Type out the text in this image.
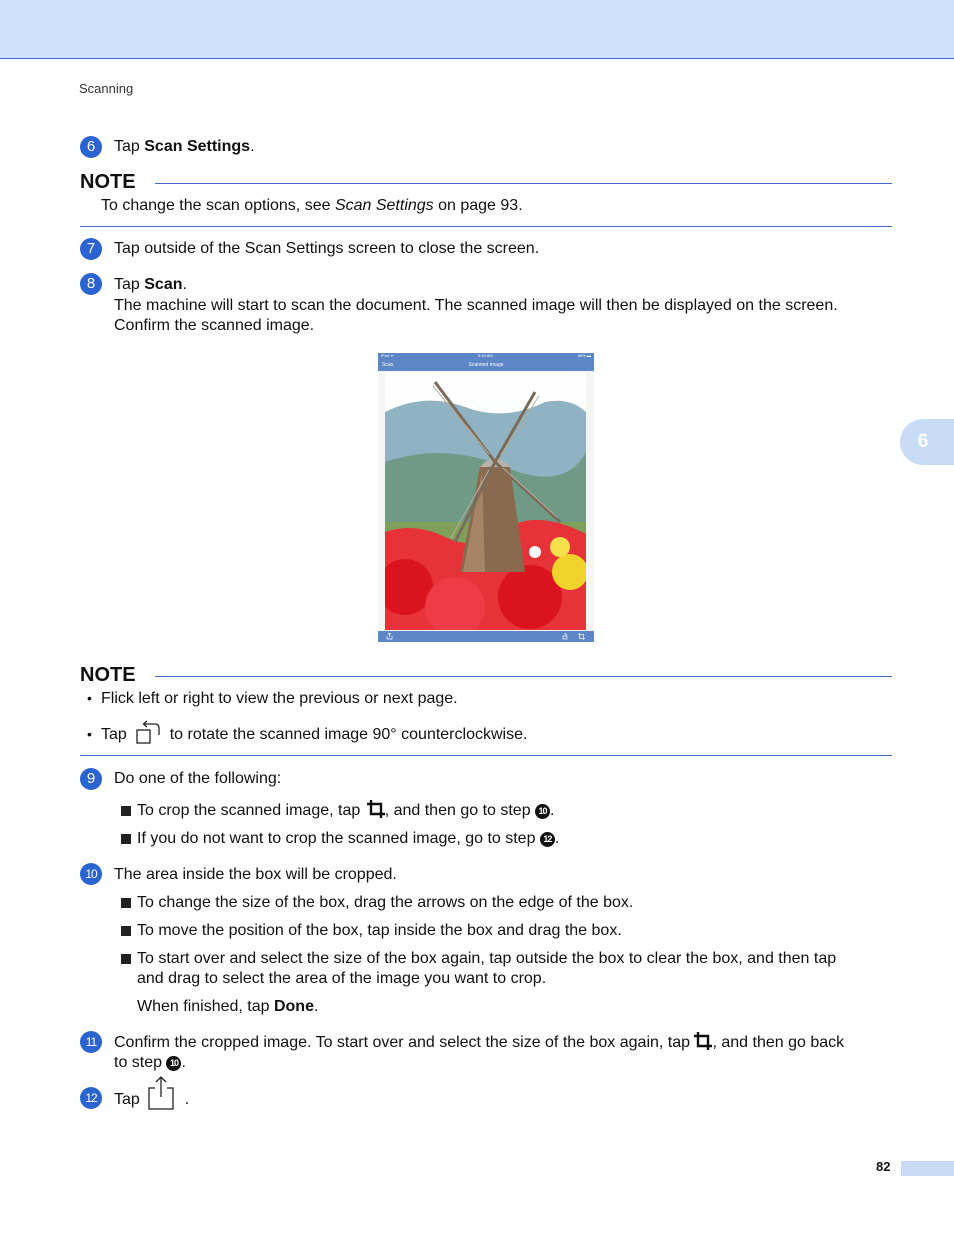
Scanning
6
6	Tap Scan Settings.
NOTE
To change the scan options, see Scan Settings on page 93.
7	Tap outside of the Scan Settings screen to close the screen.
8	Tap Scan.
The machine will start to scan the document. The scanned image will then be displayed on the screen.
Confirm the scanned image.
iPad ᯤ	9:15 AM	96% ▬
Scan	Scanned Image
NOTE
• Flick left or right to view the previous or next page.
• Tap  to rotate the scanned image 90° counterclockwise.
9	Do one of the following:
To crop the scanned image, tap , and then go to step 10 .
If you do not want to crop the scanned image, go to step 12 .
10	The area inside the box will be cropped.
To change the size of the box, drag the arrows on the edge of the box.
To move the position of the box, tap inside the box and drag the box.
To start over and select the size of the box again, tap outside the box to clear the box, and then tap
and drag to select the area of the image you want to crop.
When finished, tap Done.
11	Confirm the cropped image. To start over and select the size of the box again, tap , and then go back
to step 10 .
12	Tap	.
82
